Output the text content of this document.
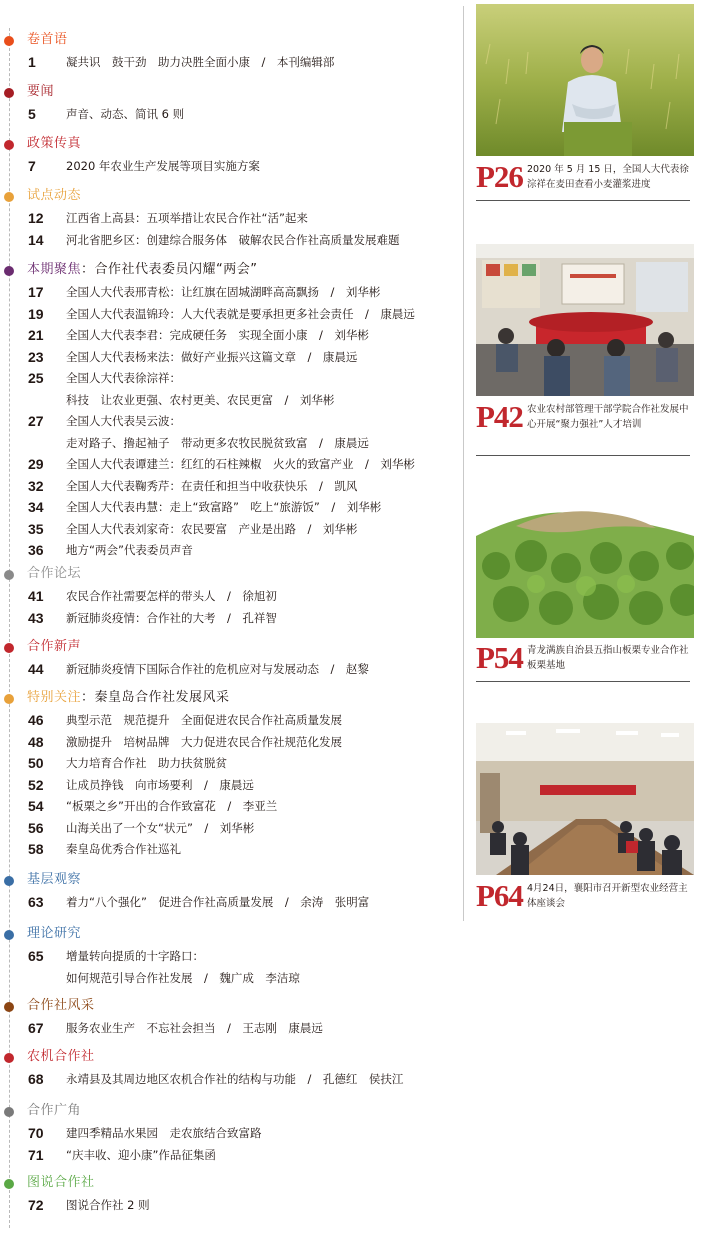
卷首语
1	凝共识　鼓干劲　助力决胜全面小康　/　本刊编辑部
要闻
5	声音、动态、简讯 6 则
政策传真
7	2020 年农业生产发展等项目实施方案
试点动态
12	江西省上高县：五项举措让农民合作社“活”起来
14	河北省肥乡区：创建综合服务体　破解农民合作社高质量发展难题
本期聚焦：合作社代表委员闪耀“两会”
17	全国人大代表邢青松：让红旗在固城湖畔高高飘扬　/　刘华彬
19	全国人大代表温锦玲：人大代表就是要承担更多社会责任　/　康晨远
21	全国人大代表李君：完成硬任务　实现全面小康　/　刘华彬
23	全国人大代表杨来法：做好产业振兴这篇文章　/　康晨远
25	全国人大代表徐淙祥：
科技　让农业更强、农村更美、农民更富　/　刘华彬
27	全国人大代表吴云波：
走对路子、撸起袖子　带动更多农牧民脱贫致富　/　康晨远
29	全国人大代表谭建兰：红红的石柱辣椒　火火的致富产业　/　刘华彬
32	全国人大代表鞠秀芹：在责任和担当中收获快乐　/　凯风
34	全国人大代表冉慧：走上“致富路”　吃上“旅游饭”　/　刘华彬
35	全国人大代表刘家奇：农民要富　产业是出路　/　刘华彬
36	地方“两会”代表委员声音
合作论坛
41	农民合作社需要怎样的带头人　/　徐旭初
43	新冠肺炎疫情：合作社的大考　/　孔祥智
合作新声
44	新冠肺炎疫情下国际合作社的危机应对与发展动态　/　赵黎
特别关注：秦皇岛合作社发展风采
46	典型示范　规范提升　全面促进农民合作社高质量发展
48	激励提升　培树品牌　大力促进农民合作社规范化发展
50	大力培育合作社　助力扶贫脱贫
52	让成员挣钱　向市场要利　/　康晨远
54	“板栗之乡”开出的合作致富花　/　李亚兰
56	山海关出了一个女“状元”　/　刘华彬
58	秦皇岛优秀合作社巡礼
基层观察
63	着力“八个强化”　促进合作社高质量发展　/　余涛　张明富
理论研究
65	增量转向提质的十字路口：
如何规范引导合作社发展　/　魏广成　李洁琼
合作社风采
67	服务农业生产　不忘社会担当　/　王志刚　康晨远
农机合作社
68	永靖县及其周边地区农机合作社的结构与功能　/　孔德红　侯扶江
合作广角
70	建四季精品水果园　走农旅结合致富路
71	“庆丰收、迎小康”作品征集函
图说合作社
72	图说合作社 2 则
P26 2020 年 5 月 15 日，全国人大代表徐淙祥在麦田查看小麦灌浆进度
P42 农业农村部管理干部学院合作社发展中心开展“聚力强社”人才培训
P54 青龙满族自治县五指山板栗专业合作社板栗基地
P64 4月24日，襄阳市召开新型农业经营主体座谈会
